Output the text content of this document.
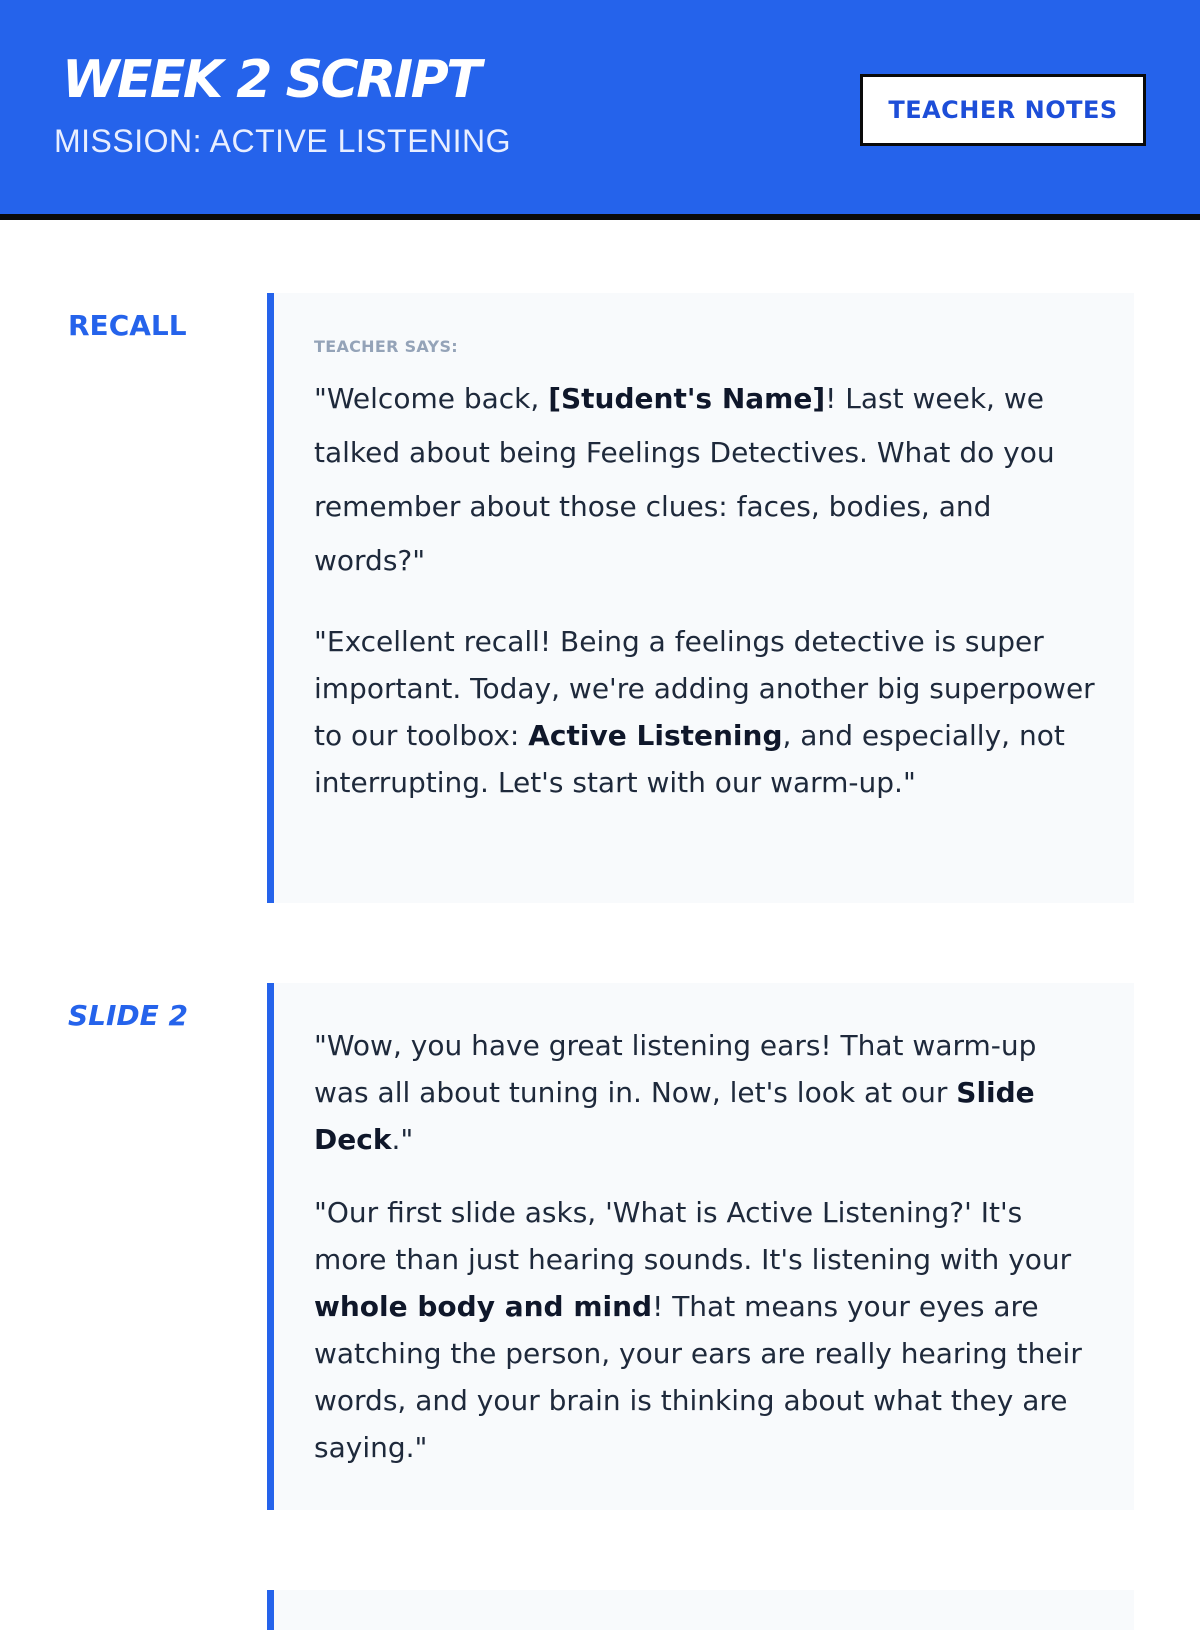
WEEK 2 SCRIPT
MISSION: ACTIVE LISTENING
TEACHER NOTES
RECALL
TEACHER SAYS:

"Welcome back, [Student's Name]! Last week, we talked about being Feelings Detectives. What do you remember about those clues: faces, bodies, and words?"

"Excellent recall! Being a feelings detective is super important. Today, we're adding another big superpower to our toolbox: Active Listening, and especially, not interrupting. Let's start with our warm-up."

SLIDE 2

"Wow, you have great listening ears! That warm-up was all about tuning in. Now, let's look at our Slide Deck."

"Our first slide asks, 'What is Active Listening?' It's more than just hearing sounds. It's listening with your whole body and mind! That means your eyes are watching the person, your ears are really hearing their words, and your brain is thinking about what they are saying."
